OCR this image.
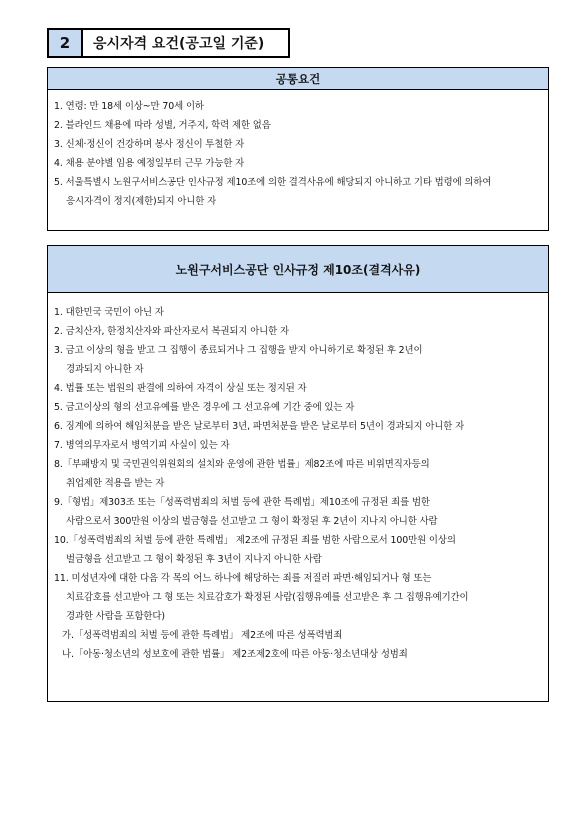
2	응시자격 요건(공고일 기준)
공통요건
1. 연령: 만 18세 이상~만 70세 이하
2. 블라인드 채용에 따라 성별, 거주지, 학력 제한 없음
3. 신체·정신이 건강하며 봉사 정신이 투철한 자
4. 채용 분야별 임용 예정일부터 근무 가능한 자
5. 서울특별시 노원구서비스공단 인사규정 제10조에 의한 결격사유에 해당되지 아니하고 기타 법령에 의하여
응시자격이 정지(제한)되지 아니한 자
노원구서비스공단 인사규정 제10조(결격사유)
1. 대한민국 국민이 아닌 자
2. 금치산자, 한정치산자와 파산자로서 복권되지 아니한 자
3. 금고 이상의 형을 받고 그 집행이 종료되거나 그 집행을 받지 아니하기로 확정된 후 2년이
경과되지 아니한 자
4. 법률 또는 법원의 판결에 의하여 자격이 상실 또는 정지된 자
5. 금고이상의 형의 선고유예를 받은 경우에 그 선고유예 기간 중에 있는 자
6. 징계에 의하여 해임처분을 받은 날로부터 3년, 파면처분을 받은 날로부터 5년이 경과되지 아니한 자
7. 병역의무자로서 병역기피 사실이 있는 자
8.「부패방지 및 국민권익위원회의 설치와 운영에 관한 법률」제82조에 따른 비위면직자등의
취업제한 적용을 받는 자
9.「형법」제303조 또는「성폭력범죄의 처벌 등에 관한 특례법」제10조에 규정된 죄를 범한
사람으로서 300만원 이상의 벌금형을 선고받고 그 형이 확정된 후 2년이 지나지 아니한 사람
10.「성폭력범죄의 처벌 등에 관한 특례법」 제2조에 규정된 죄를 범한 사람으로서 100만원 이상의
벌금형을 선고받고 그 형이 확정된 후 3년이 지나지 아니한 사람
11. 미성년자에 대한 다음 각 목의 어느 하나에 해당하는 죄를 저질러 파면·해임되거나 형 또는
치료감호를 선고받아 그 형 또는 치료감호가 확정된 사람(집행유예를 선고받은 후 그 집행유예기간이
경과한 사람을 포함한다)
가.「성폭력범죄의 처벌 등에 관한 특례법」 제2조에 따른 성폭력범죄
나.「아동·청소년의 성보호에 관한 법률」 제2조제2호에 따른 아동·청소년대상 성범죄
